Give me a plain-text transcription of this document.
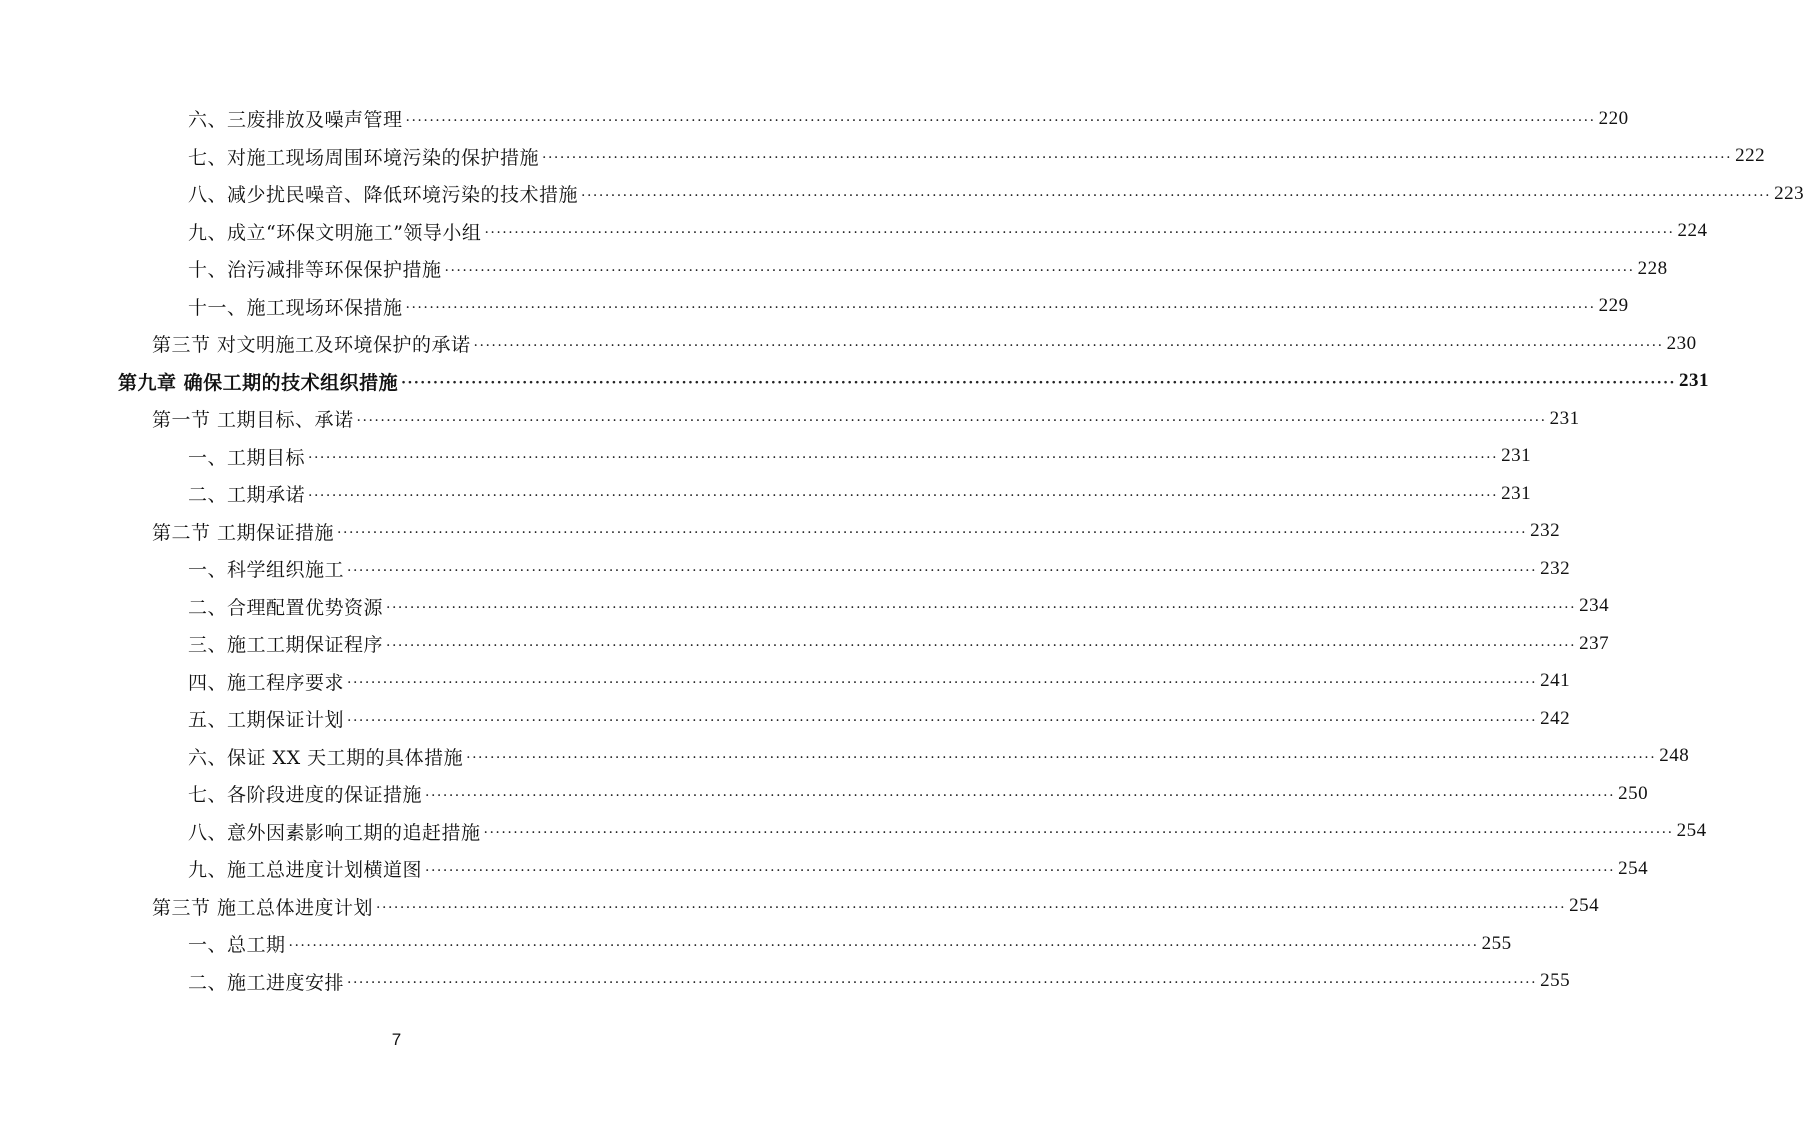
六、三废排放及噪声管理 ········································································································································································································ 220
七、对施工现场周围环境污染的保护措施 ········································································································································································································ 222
八、减少扰民噪音、降低环境污染的技术措施 ········································································································································································································ 223
九、成立“环保文明施工”领导小组 ········································································································································································································ 224
十、治污减排等环保保护措施 ········································································································································································································ 228
十一、施工现场环保措施 ········································································································································································································ 229
第三节 对文明施工及环境保护的承诺 ········································································································································································································ 230
第九章 确保工期的技术组织措施 ········································································································································································································ 231
第一节 工期目标、承诺 ········································································································································································································ 231
一、工期目标 ········································································································································································································ 231
二、工期承诺 ········································································································································································································ 231
第二节 工期保证措施 ········································································································································································································ 232
一、科学组织施工 ········································································································································································································ 232
二、合理配置优势资源 ········································································································································································································ 234
三、施工工期保证程序 ········································································································································································································ 237
四、施工程序要求 ········································································································································································································ 241
五、工期保证计划 ········································································································································································································ 242
六、保证 XX 天工期的具体措施 ········································································································································································································ 248
七、各阶段进度的保证措施 ········································································································································································································ 250
八、意外因素影响工期的追赶措施 ········································································································································································································ 254
九、施工总进度计划横道图 ········································································································································································································ 254
第三节 施工总体进度计划 ········································································································································································································ 254
一、总工期 ········································································································································································································ 255
二、施工进度安排 ········································································································································································································ 255
7
